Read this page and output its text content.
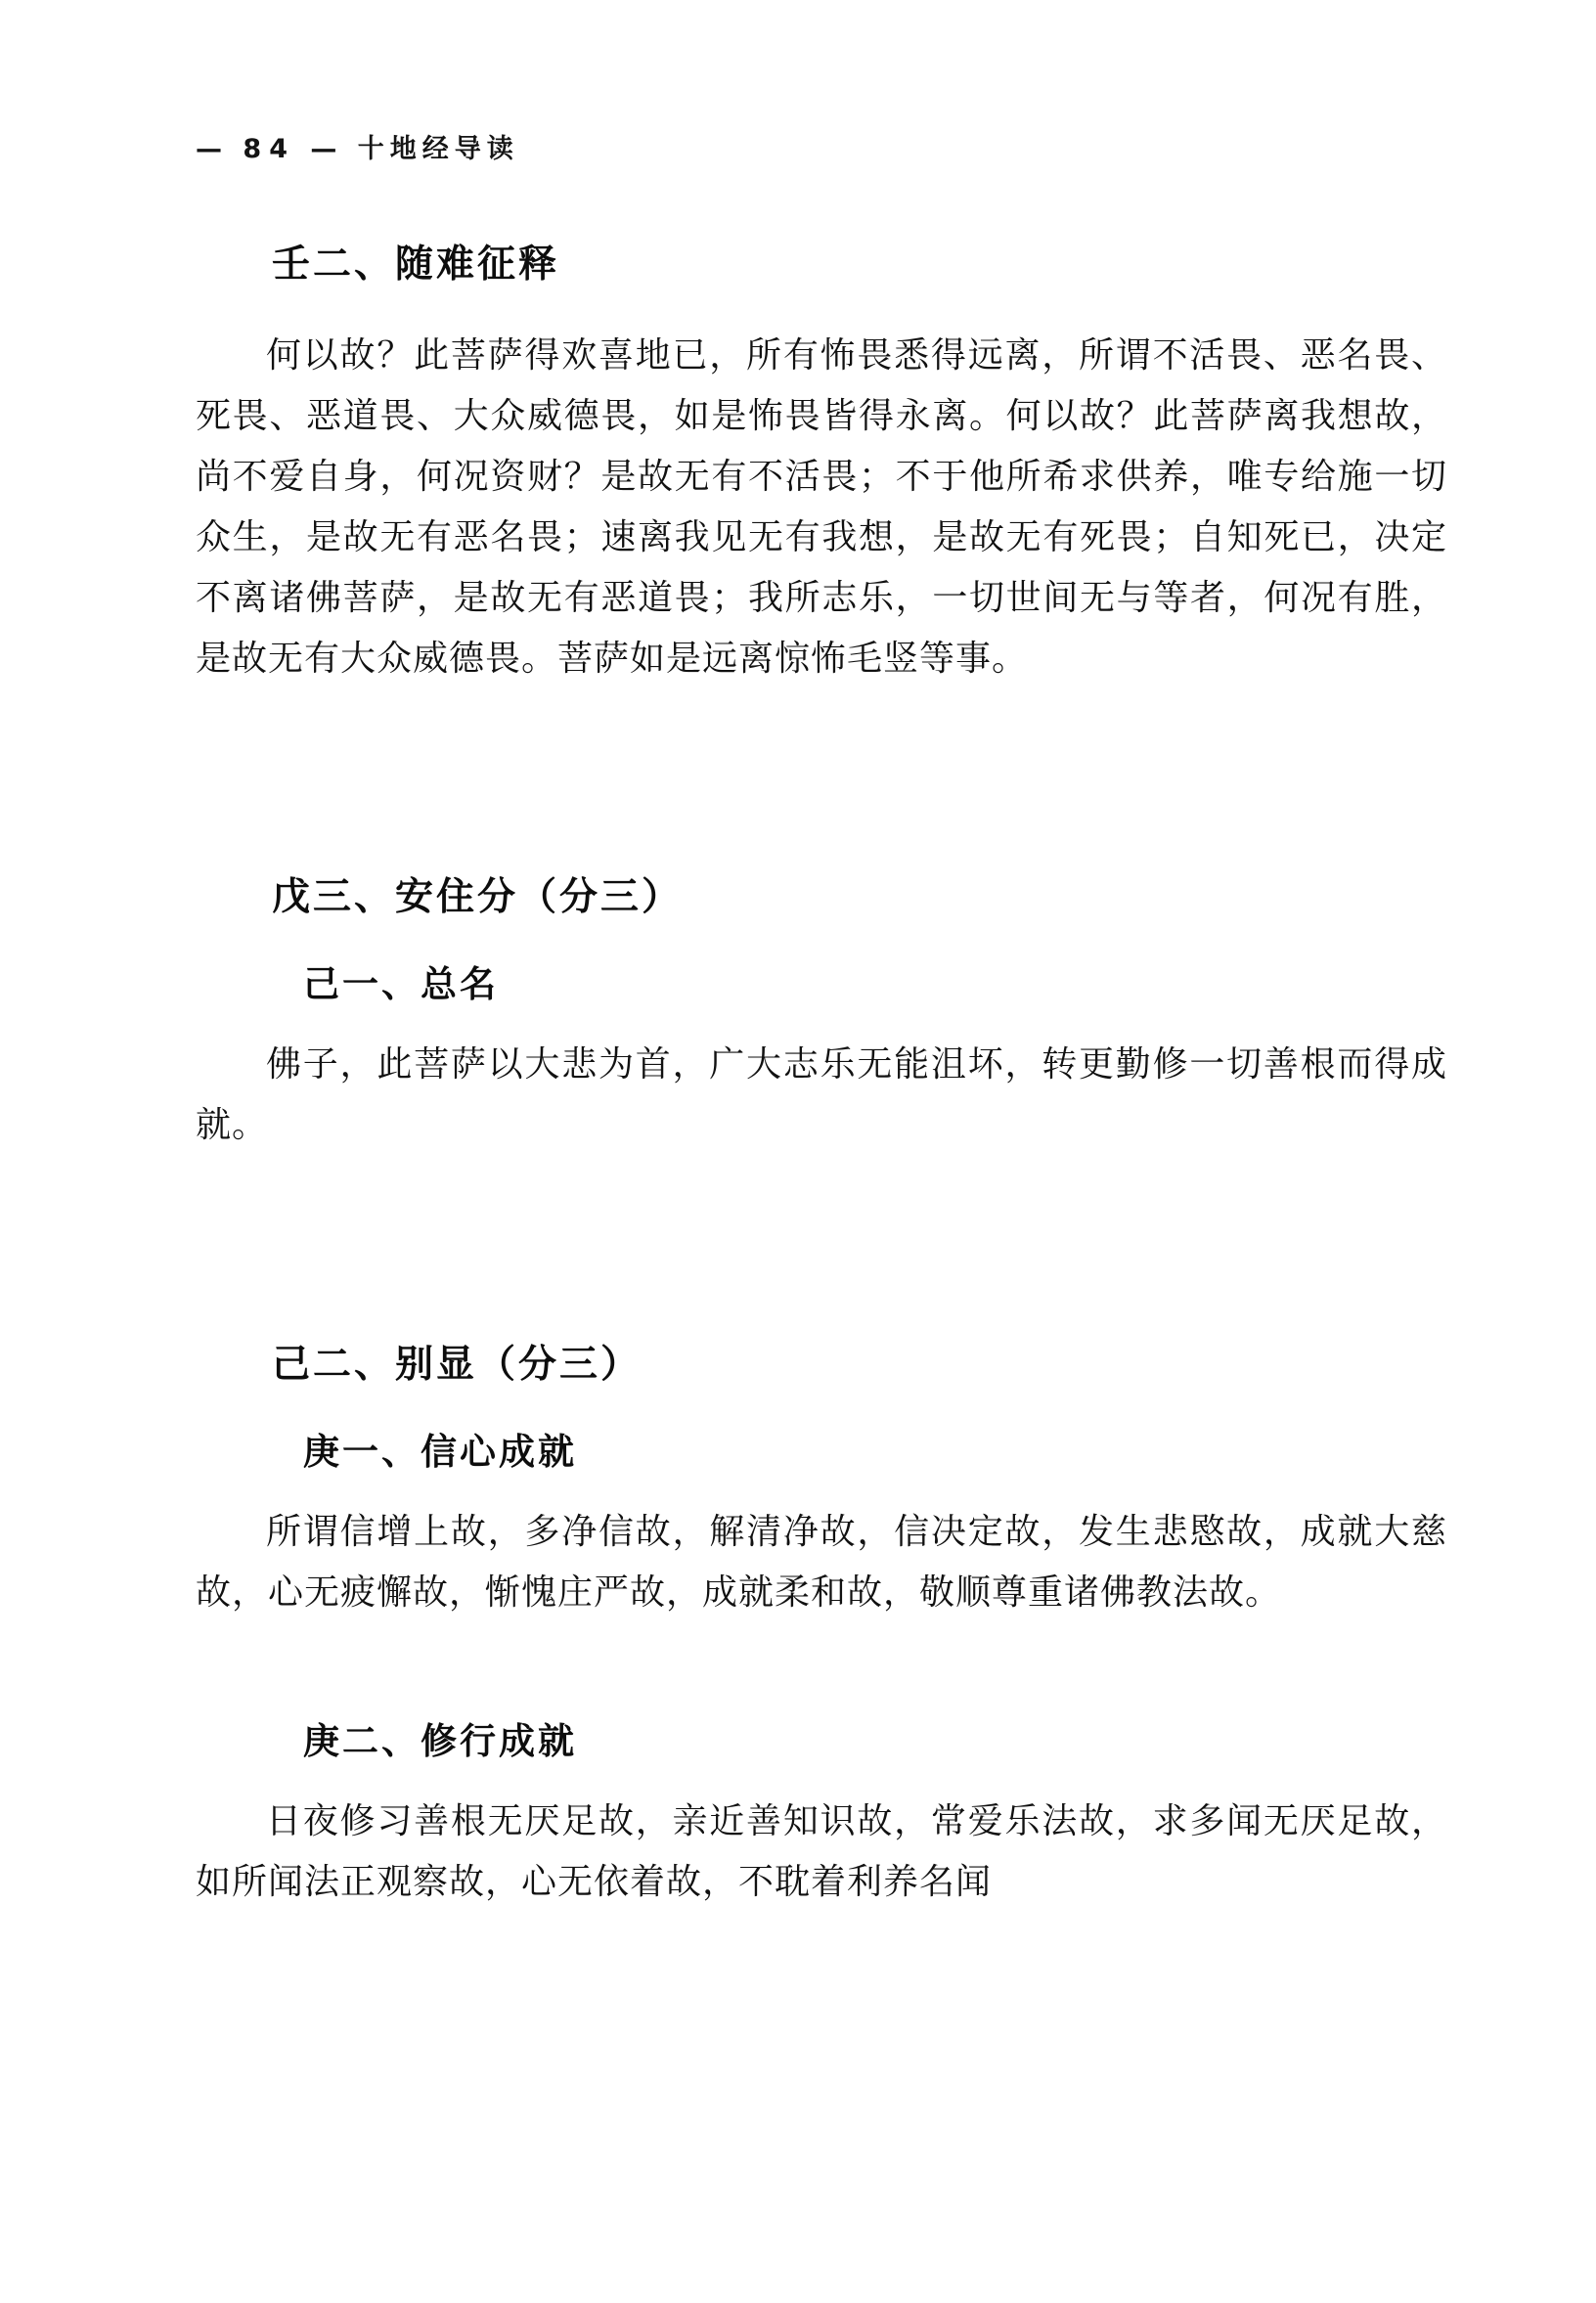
— 84 — 十地经导读
壬二、随难征释
何以故？此菩萨得欢喜地已，所有怖畏悉得远离，所谓不活畏、恶名畏、死畏、恶道畏、大众威德畏，如是怖畏皆得永离。何以故？此菩萨离我想故，尚不爱自身，何况资财？是故无有不活畏；不于他所希求供养，唯专给施一切众生，是故无有恶名畏；速离我见无有我想，是故无有死畏；自知死已，决定不离诸佛菩萨，是故无有恶道畏；我所志乐，一切世间无与等者，何况有胜，是故无有大众威德畏。菩萨如是远离惊怖毛竖等事。
戊三、安住分（分三）
己一、总名
佛子，此菩萨以大悲为首，广大志乐无能沮坏，转更勤修一切善根而得成就。
己二、别显（分三）
庚一、信心成就
所谓信增上故，多净信故，解清净故，信决定故，发生悲愍故，成就大慈故，心无疲懈故，惭愧庄严故，成就柔和故，敬顺尊重诸佛教法故。
庚二、修行成就
日夜修习善根无厌足故，亲近善知识故，常爱乐法故，求多闻无厌足故，如所闻法正观察故，心无依着故，不耽着利养名闻
